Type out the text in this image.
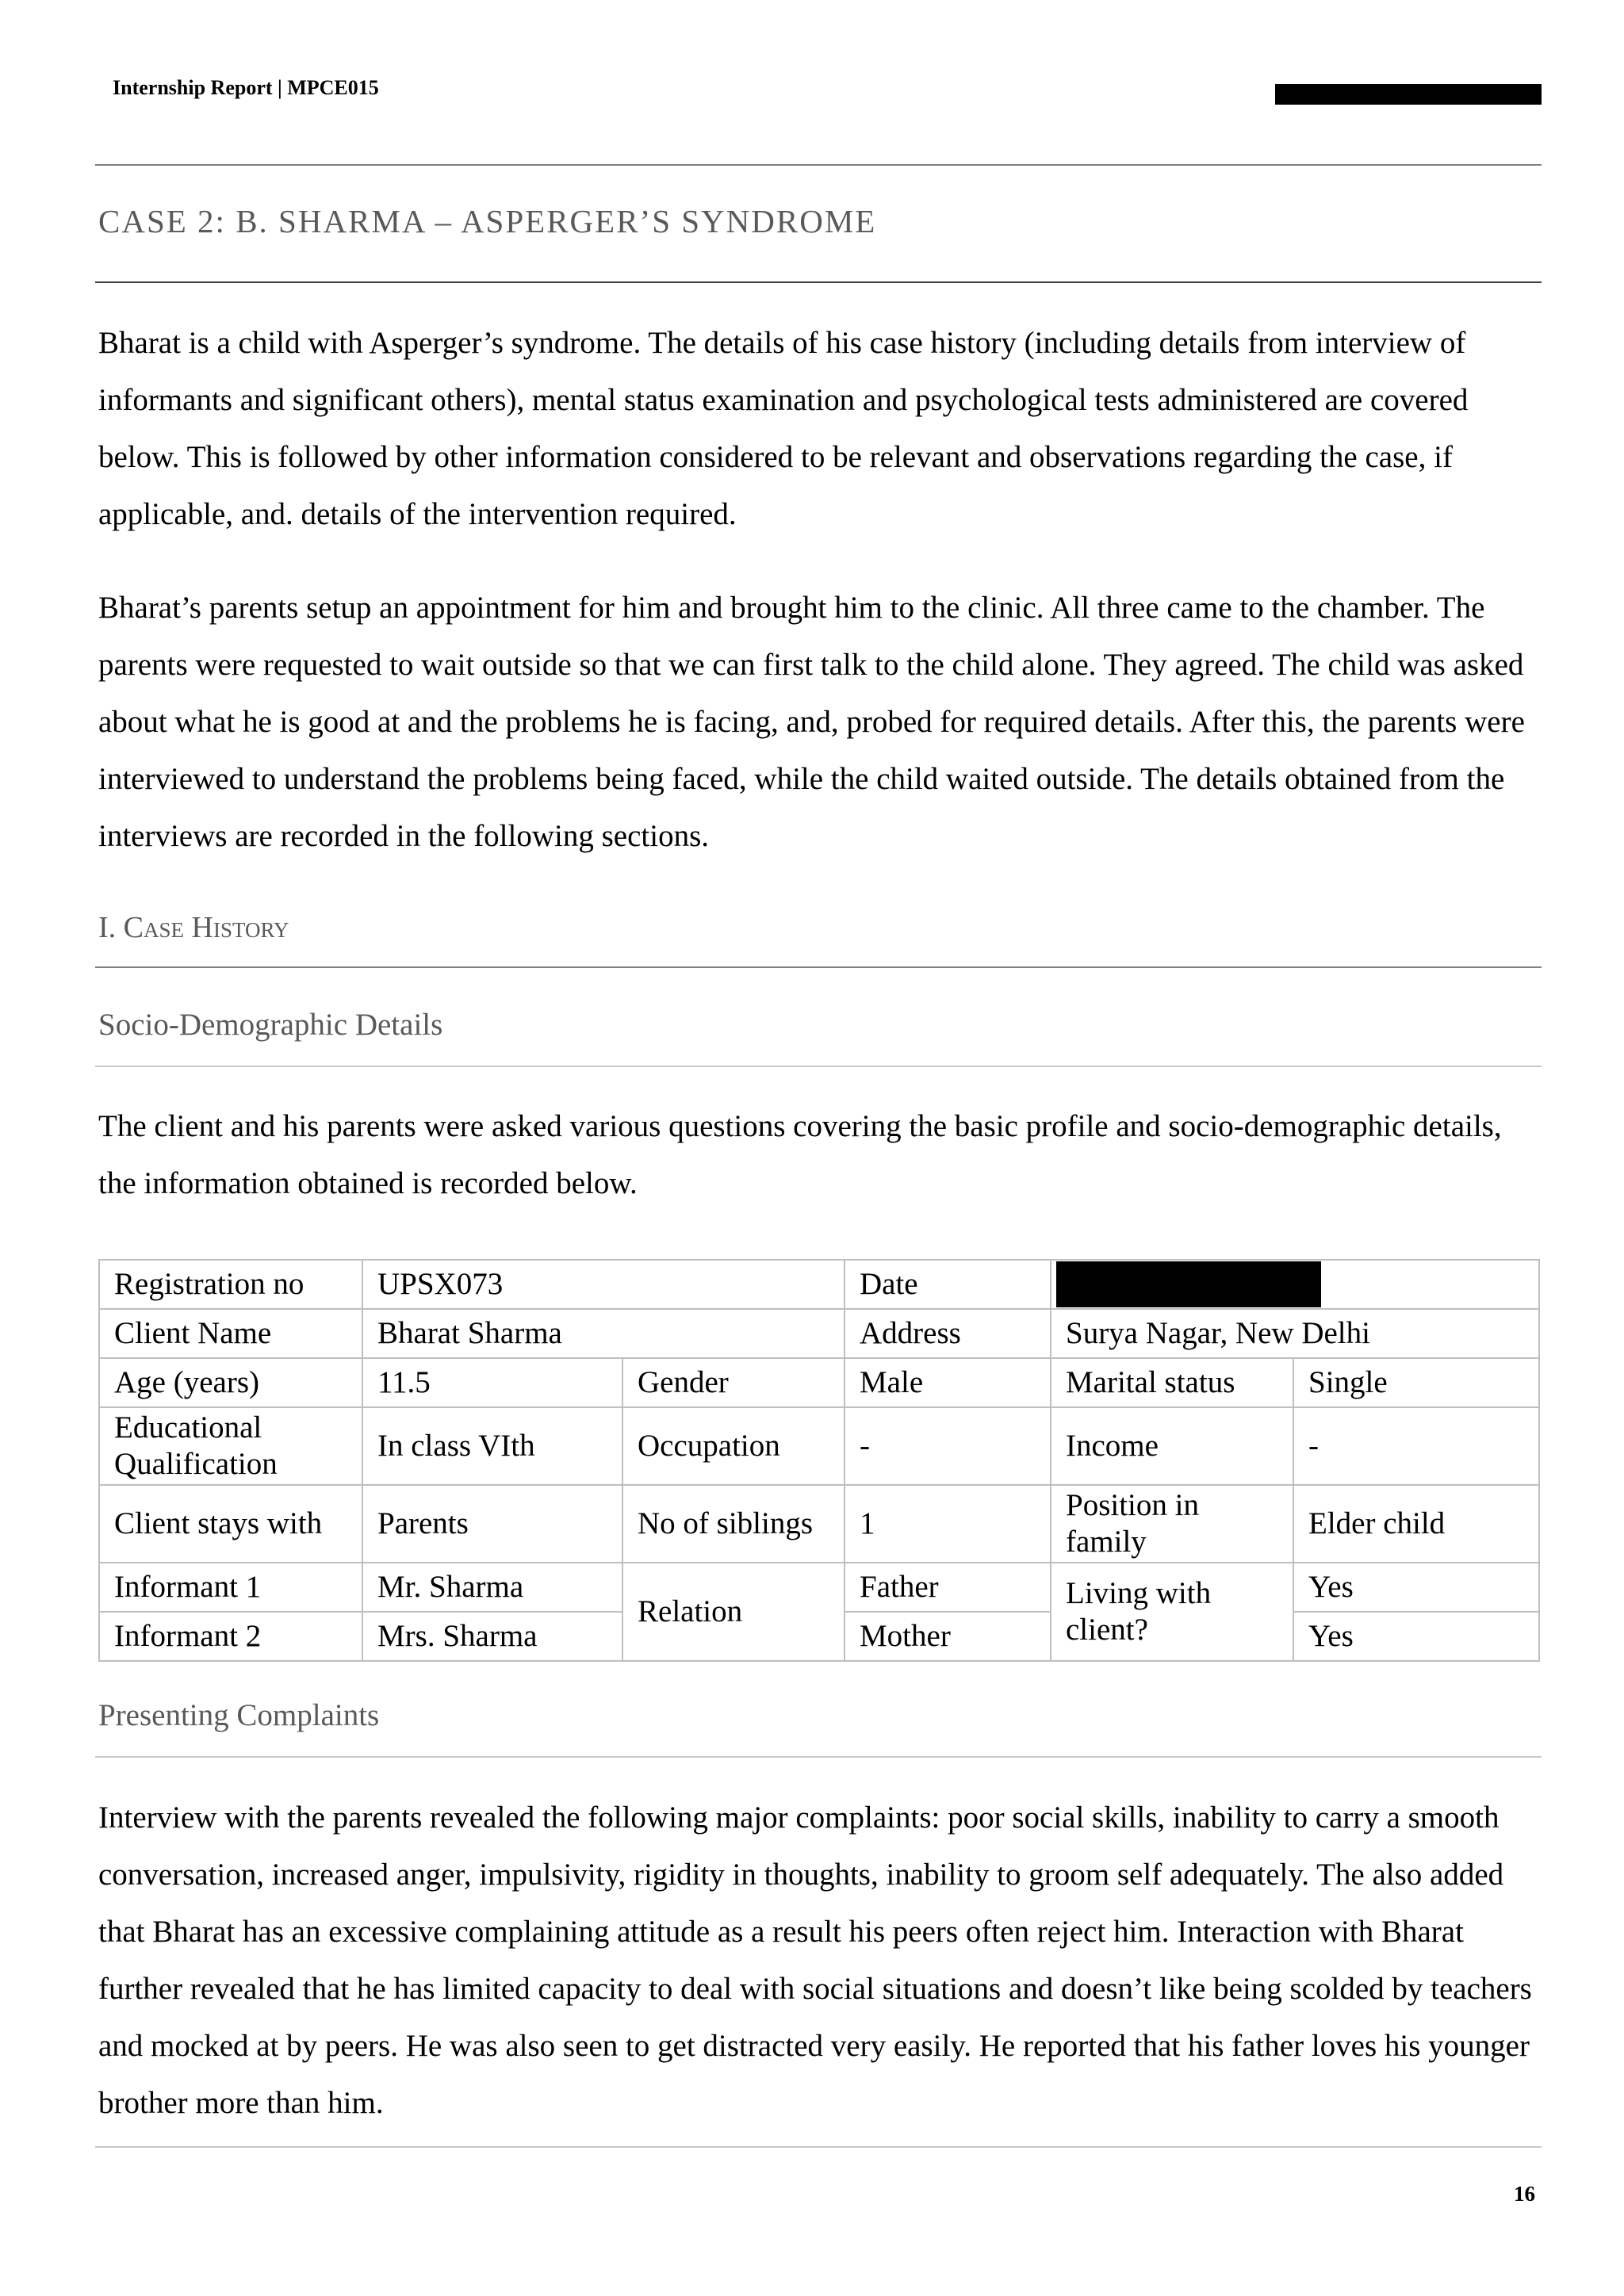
Internship Report | MPCE015
CASE 2: B. SHARMA – ASPERGER’S SYNDROME

Bharat is a child with Asperger’s syndrome. The details of his case history (including details from interview of informants and significant others), mental status examination and psychological tests administered are covered below. This is followed by other information considered to be relevant and observations regarding the case, if applicable, and. details of the intervention required.

Bharat’s parents setup an appointment for him and brought him to the clinic. All three came to the chamber. The parents were requested to wait outside so that we can first talk to the child alone. They agreed. The child was asked about what he is good at and the problems he is facing, and, probed for required details. After this, the parents were interviewed to understand the problems being faced, while the child waited outside. The details obtained from the interviews are recorded in the following sections.

I. Case History
Socio-Demographic Details

The client and his parents were asked various questions covering the basic profile and socio-demographic details, the information obtained is recorded below.

Registration no	UPSX073		Date		

Client Name	Bharat Sharma		Address	Surya Nagar, New Delhi	
Age (years)	11.5	Gender	Male	Marital status	Single
Educational Qualification	In class VIth	Occupation	-	Income	-
Client stays with	Parents	No of siblings	1	Position in family	Elder child
Informant 1	Mr. Sharma	Relation	Father	Living with client?	Yes
Informant 2	Mrs. Sharma		Mother		Yes
Presenting Complaints

Interview with the parents revealed the following major complaints: poor social skills, inability to carry a smooth conversation, increased anger, impulsivity, rigidity in thoughts, inability to groom self adequately. The also added that Bharat has an excessive complaining attitude as a result his peers often reject him. Interaction with Bharat further revealed that he has limited capacity to deal with social situations and doesn’t like being scolded by teachers and mocked at by peers. He was also seen to get distracted very easily. He reported that his father loves his younger brother more than him.

16
